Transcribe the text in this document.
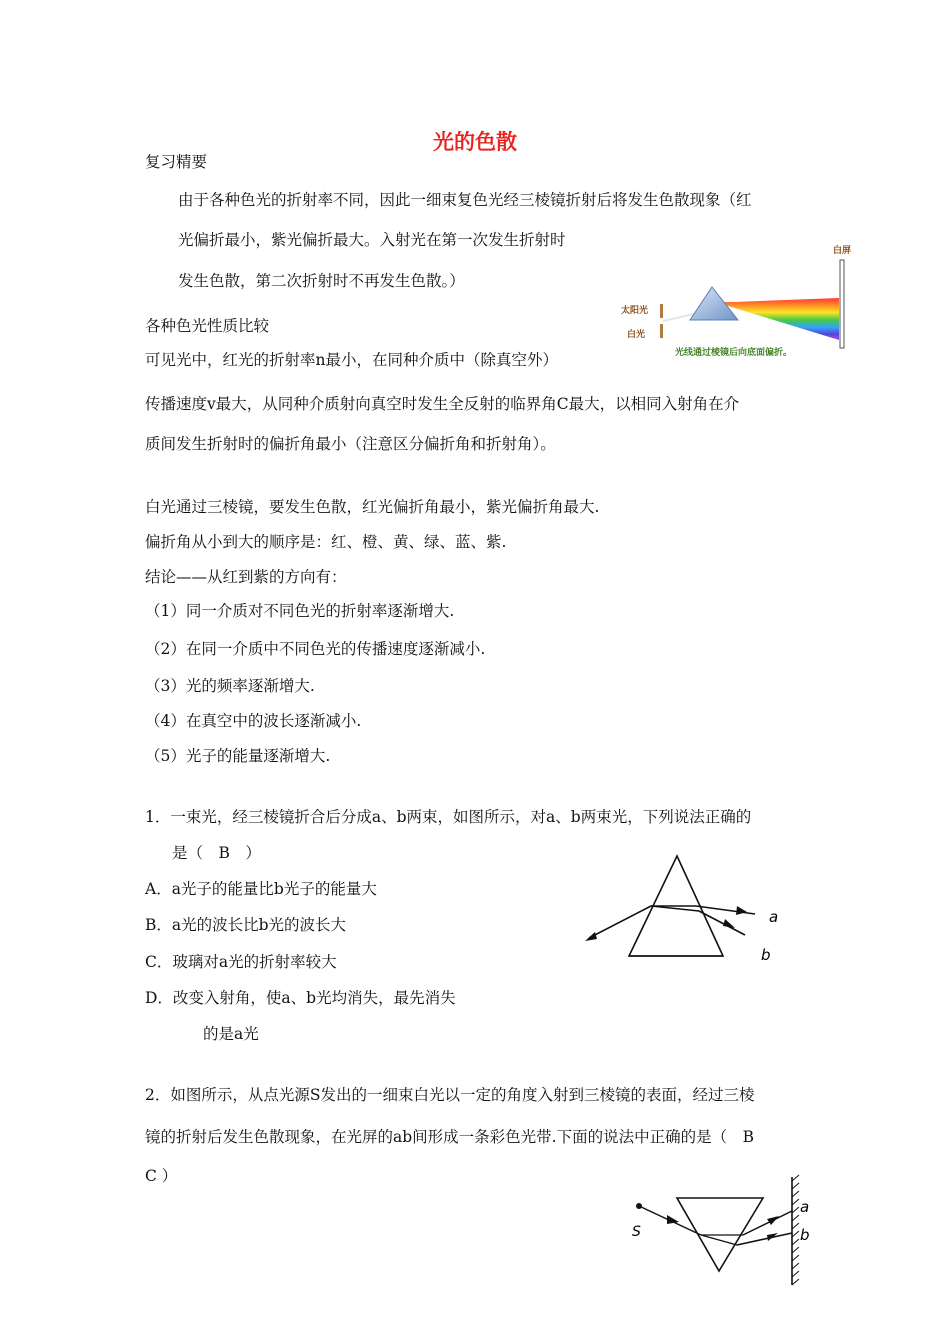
光的色散
复习精要
由于各种色光的折射率不同，因此一细束复色光经三棱镜折射后将发生色散现象（红
光偏折最小，紫光偏折最大。入射光在第一次发生折射时
发生色散，第二次折射时不再发生色散。）
白屏
太阳光
白光
光线通过棱镜后向底面偏折。
各种色光性质比较
可见光中，红光的折射率n最小，在同种介质中（除真空外）
传播速度v最大，从同种介质射向真空时发生全反射的临界角C最大，以相同入射角在介
质间发生折射时的偏折角最小（注意区分偏折角和折射角）。
白光通过三棱镜，要发生色散，红光偏折角最小，紫光偏折角最大.
偏折角从小到大的顺序是：红、橙、黄、绿、蓝、紫.
结论——从红到紫的方向有：
（1）同一介质对不同色光的折射率逐渐增大.
（2）在同一介质中不同色光的传播速度逐渐减小.
（3）光的频率逐渐增大.
（4）在真空中的波长逐渐减小.
（5）光子的能量逐渐增大.
1．一束光，经三棱镜折合后分成a、b两束，如图所示，对a、b两束光，下列说法正确的
是（　B　）
A．a光子的能量比b光子的能量大
B．a光的波长比b光的波长大
C．玻璃对a光的折射率较大
D．改变入射角，使a、b光均消失，最先消失
的是a光
a
b
2．如图所示，从点光源S发出的一细束白光以一定的角度入射到三棱镜的表面，经过三棱
镜的折射后发生色散现象，在光屏的ab间形成一条彩色光带.下面的说法中正确的是（　B
C ）
S
a
b
